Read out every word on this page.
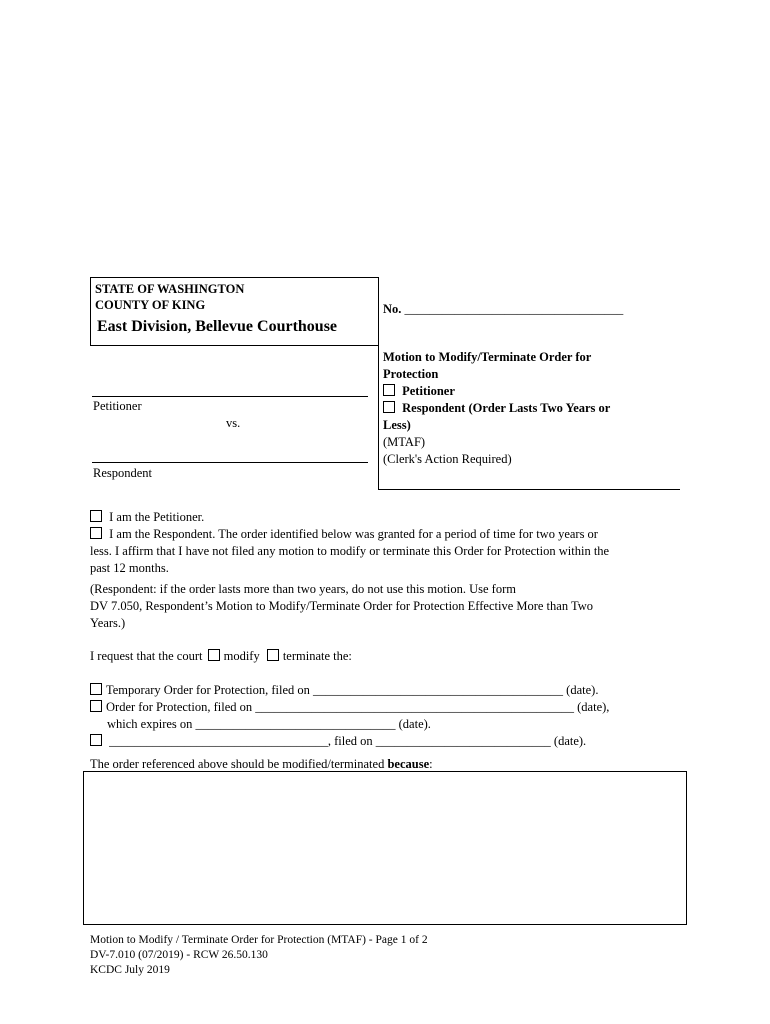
STATE OF WASHINGTON
COUNTY OF KING
East Division, Bellevue Courthouse
Petitioner
vs.
Respondent
No. ___________________________________
Motion to Modify/Terminate Order for
Protection
Petitioner
Respondent (Order Lasts Two Years or
Less)
(MTAF)
(Clerk's Action Required)
I am the Petitioner.
I am the Respondent. The order identified below was granted for a period of time for two years or
less. I affirm that I have not filed any motion to modify or terminate this Order for Protection within the
past 12 months.
(Respondent: if the order lasts more than two years, do not use this motion. Use form
DV 7.050, Respondent’s Motion to Modify/Terminate Order for Protection Effective More than Two
Years.)
I request that the court modify terminate the:
Temporary Order for Protection, filed on ________________________________________ (date).
Order for Protection, filed on ___________________________________________________ (date),
which expires on ________________________________ (date).
___________________________________, filed on ____________________________ (date).
The order referenced above should be modified/terminated because:
Motion to Modify / Terminate Order for Protection (MTAF) - Page 1 of 2
DV-7.010 (07/2019) - RCW 26.50.130
KCDC July 2019
